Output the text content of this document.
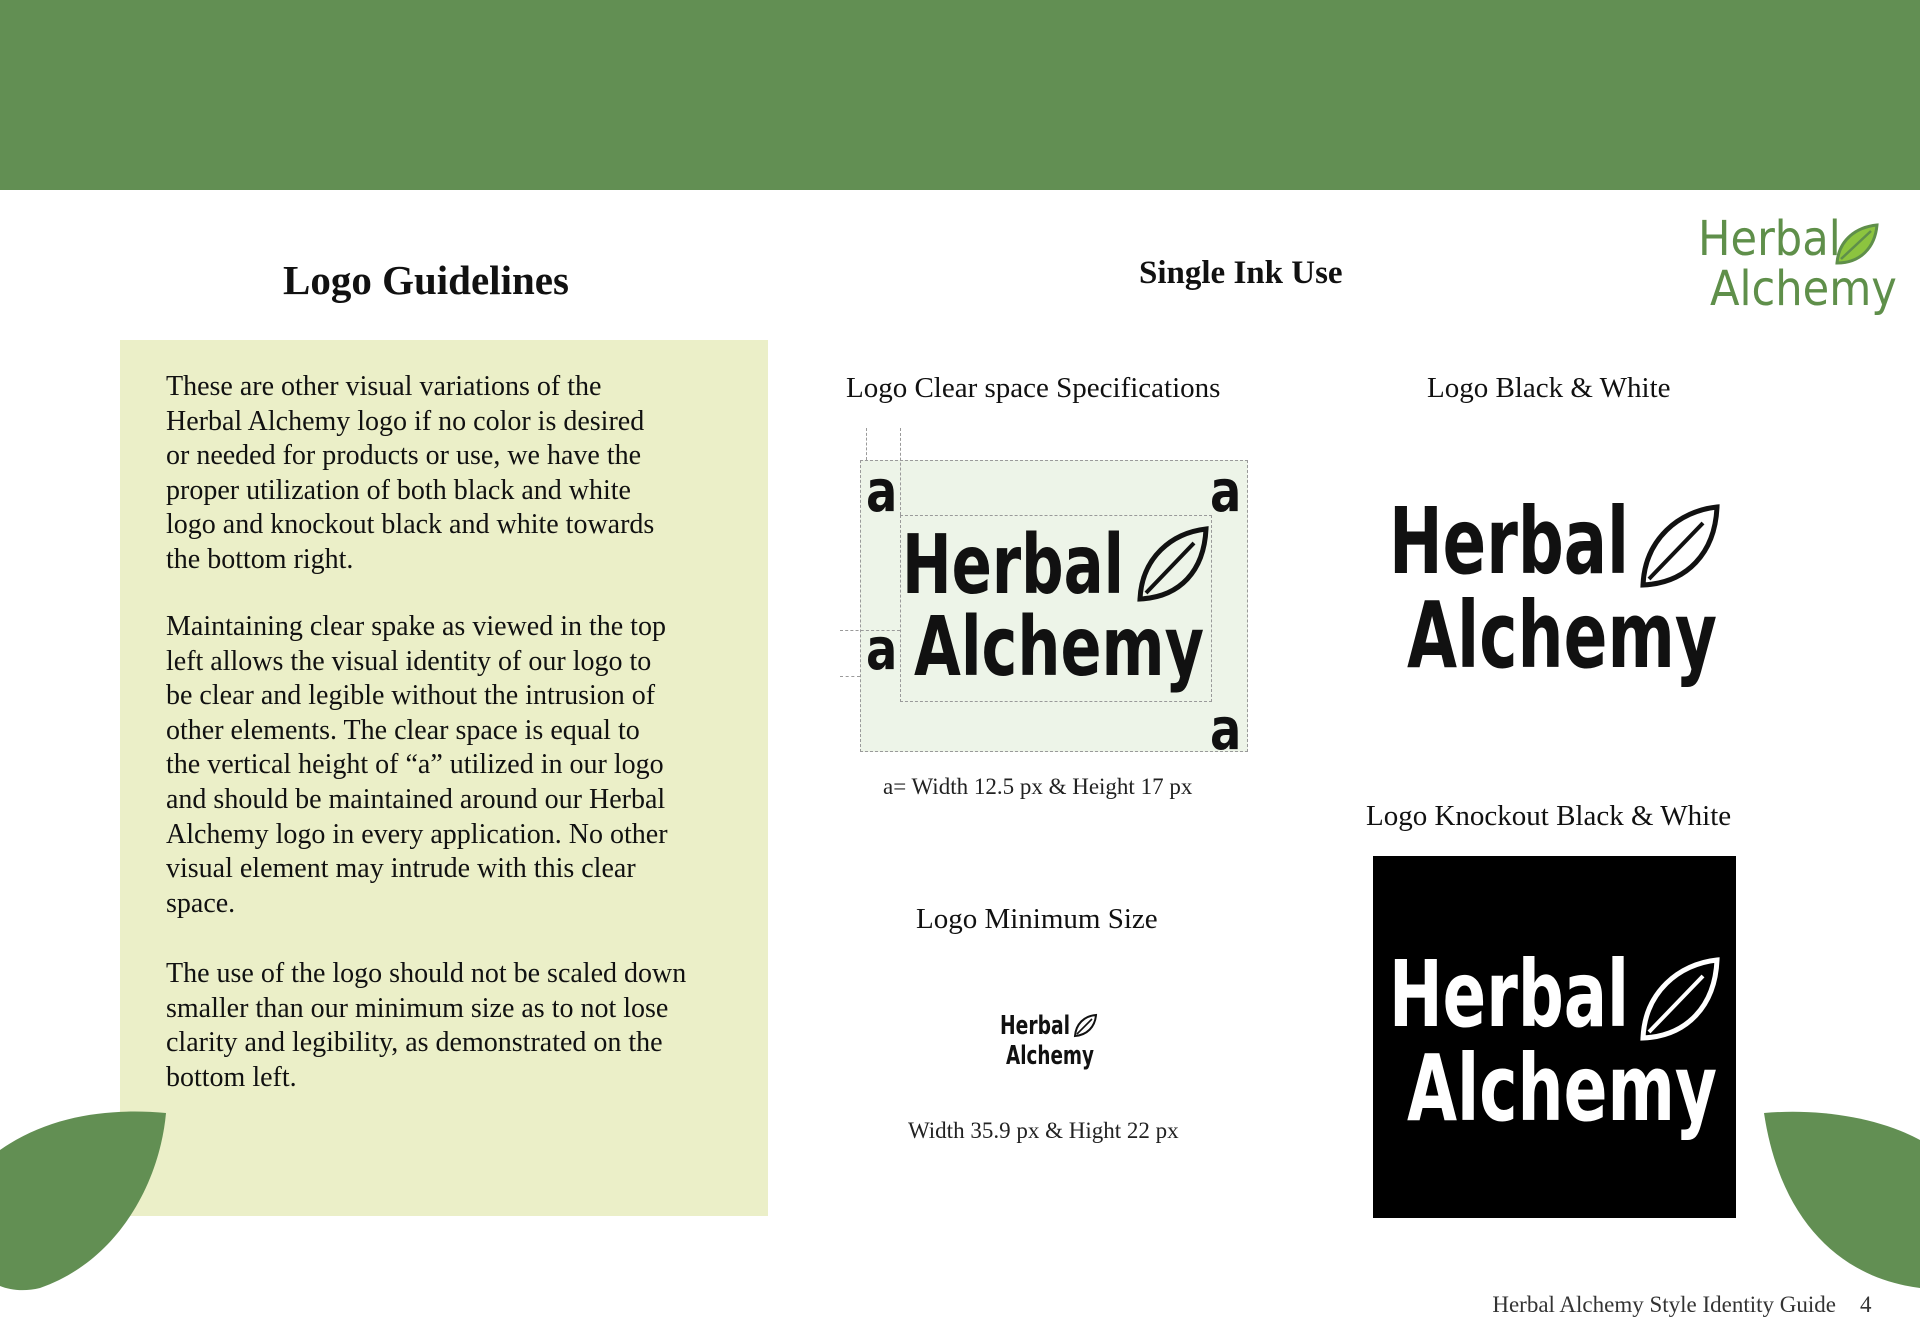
Herbal
Alchemy
Logo Guidelines	Single Ink Use

These are other visual variations of the
Herbal Alchemy logo if no color is desired
or needed for products or use, we have the
proper utilization of both black and white
logo and knockout black and white towards
the bottom right.

Maintaining clear spake as viewed in the top
left allows the visual identity of our logo to
be clear and legible without the intrusion of
other elements. The clear space is equal to
the vertical height of “a” utilized in our logo
and should be maintained around our Herbal
Alchemy logo in every application. No other
visual element may intrude with this clear
space.

The use of the logo should not be scaled down
smaller than our minimum size as to not lose
clarity and legibility, as demonstrated on the
bottom left.

Logo Clear space Specifications
a	a
a
a
Herbal
Alchemy
a= Width 12.5 px & Height 17 px
Logo Black & White
Herbal
Alchemy
Logo Minimum Size
Herbal
Alchemy
Width 35.9 px & Hight 22 px
Logo Knockout Black & White
Herbal
Alchemy
Herbal Alchemy Style Identity Guide 4
